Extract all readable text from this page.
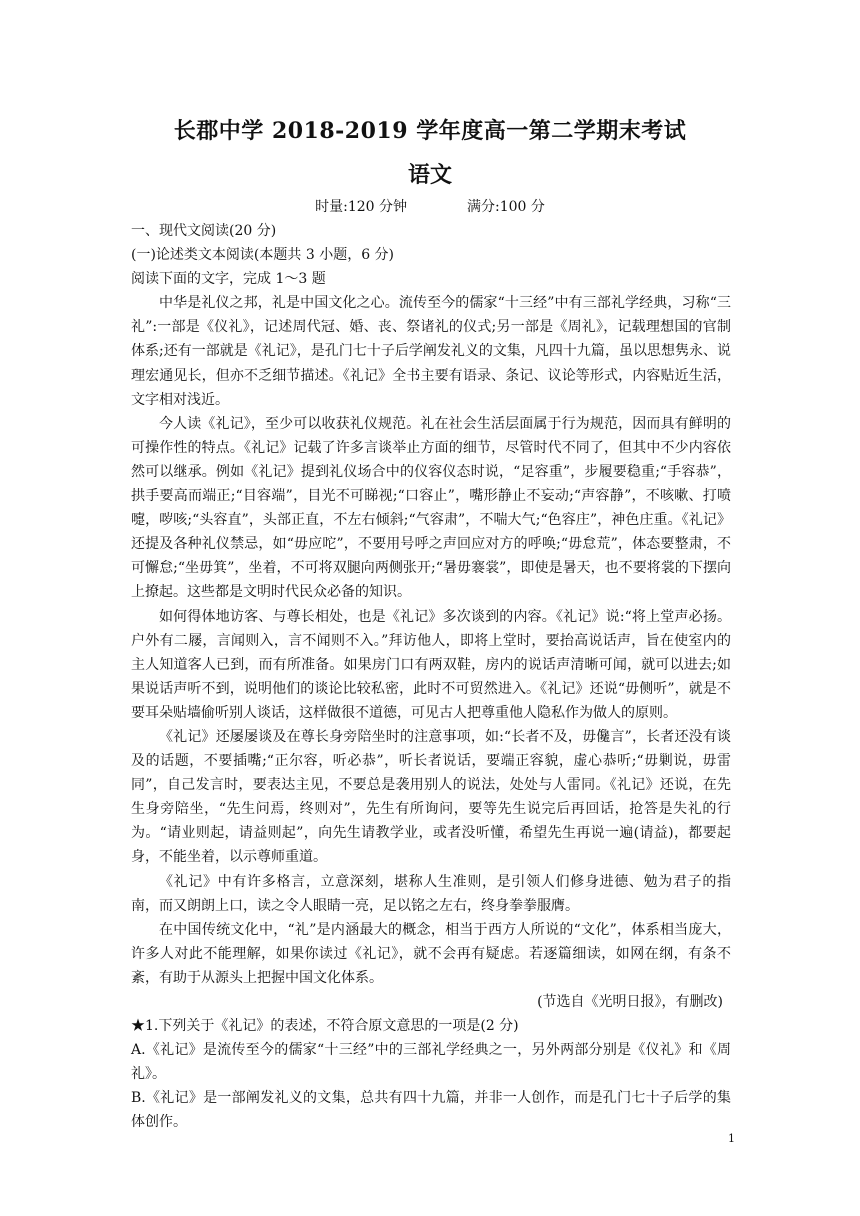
长郡中学 2018-2019 学年度高一第二学期末考试
语文
时量:120 分钟	满分:100 分

一、现代文阅读(20 分)

(一)论述类文本阅读(本题共 3 小题，6 分)

阅读下面的文字，完成 1～3 题

中华是礼仪之邦，礼是中国文化之心。流传至今的儒家“十三经”中有三部礼学经典，习称“三礼”:一部是《仪礼》，记述周代冠、婚、丧、祭诸礼的仪式;另一部是《周礼》，记载理想国的官制体系;还有一部就是《礼记》，是孔门七十子后学阐发礼义的文集，凡四十九篇，虽以思想隽永、说理宏通见长，但亦不乏细节描述。《礼记》全书主要有语录、条记、议论等形式，内容贴近生活，文字相对浅近。

今人读《礼记》，至少可以收获礼仪规范。礼在社会生活层面属于行为规范，因而具有鲜明的可操作性的特点。《礼记》记载了许多言谈举止方面的细节，尽管时代不同了，但其中不少内容依然可以继承。例如《礼记》提到礼仪场合中的仪容仪态时说，“足容重”，步履要稳重;“手容恭”，拱手要高而端正;“目容端”，目光不可睇视;“口容止”，嘴形静止不妄动;“声容静”，不咳嗽、打喷嚏，哕咳;“头容直”，头部正直，不左右倾斜;“气容肃”，不喘大气;“色容庄”，神色庄重。《礼记》还提及各种礼仪禁忌，如“毋应咜”，不要用号呼之声回应对方的呼唤;“毋怠荒”，体态要整肃，不可懈怠;“坐毋箕”，坐着，不可将双腿向两侧张开;“暑毋褰裳”，即使是暑天，也不要将裳的下摆向上撩起。这些都是文明时代民众必备的知识。

如何得体地访客、与尊长相处，也是《礼记》多次谈到的内容。《礼记》说:“将上堂声必扬。户外有二屦，言闻则入，言不闻则不入。”拜访他人，即将上堂时，要抬高说话声，旨在使室内的主人知道客人已到，而有所准备。如果房门口有两双鞋，房内的说话声清晰可闻，就可以进去;如果说话声听不到，说明他们的谈论比较私密，此时不可贸然进入。《礼记》还说“毋侧听”，就是不要耳朵贴墙偷听别人谈话，这样做很不道德，可见古人把尊重他人隐私作为做人的原则。

《礼记》还屡屡谈及在尊长身旁陪坐时的注意事项，如:“长者不及，毋儳言”，长者还没有谈及的话题，不要插嘴;“正尔容，听必恭”，听长者说话，要端正容貌，虚心恭听;“毋剿说，毋雷同”，自己发言时，要表达主见，不要总是袭用别人的说法，处处与人雷同。《礼记》还说，在先生身旁陪坐，“先生问焉，终则对”，先生有所询问，要等先生说完后再回话，抢答是失礼的行为。“请业则起，请益则起”，向先生请教学业，或者没听懂，希望先生再说一遍(请益)，都要起身，不能坐着，以示尊师重道。

《礼记》中有许多格言，立意深刻，堪称人生准则，是引领人们修身进德、勉为君子的指南，而又朗朗上口，读之令人眼睛一亮，足以铭之左右，终身拳拳服膺。

在中国传统文化中，“礼”是内涵最大的概念，相当于西方人所说的“文化”，体系相当庞大，许多人对此不能理解，如果你读过《礼记》，就不会再有疑虑。若逐篇细读，如网在纲，有条不紊，有助于从源头上把握中国文化体系。

(节选自《光明日报》，有删改)

★1.下列关于《礼记》的表述，不符合原文意思的一项是(2 分)

A.《礼记》是流传至今的儒家“十三经”中的三部礼学经典之一，另外两部分别是《仪礼》和《周礼》。

B.《礼记》是一部阐发礼义的文集，总共有四十九篇，并非一人创作，而是孔门七十子后学的集体创作。

1
